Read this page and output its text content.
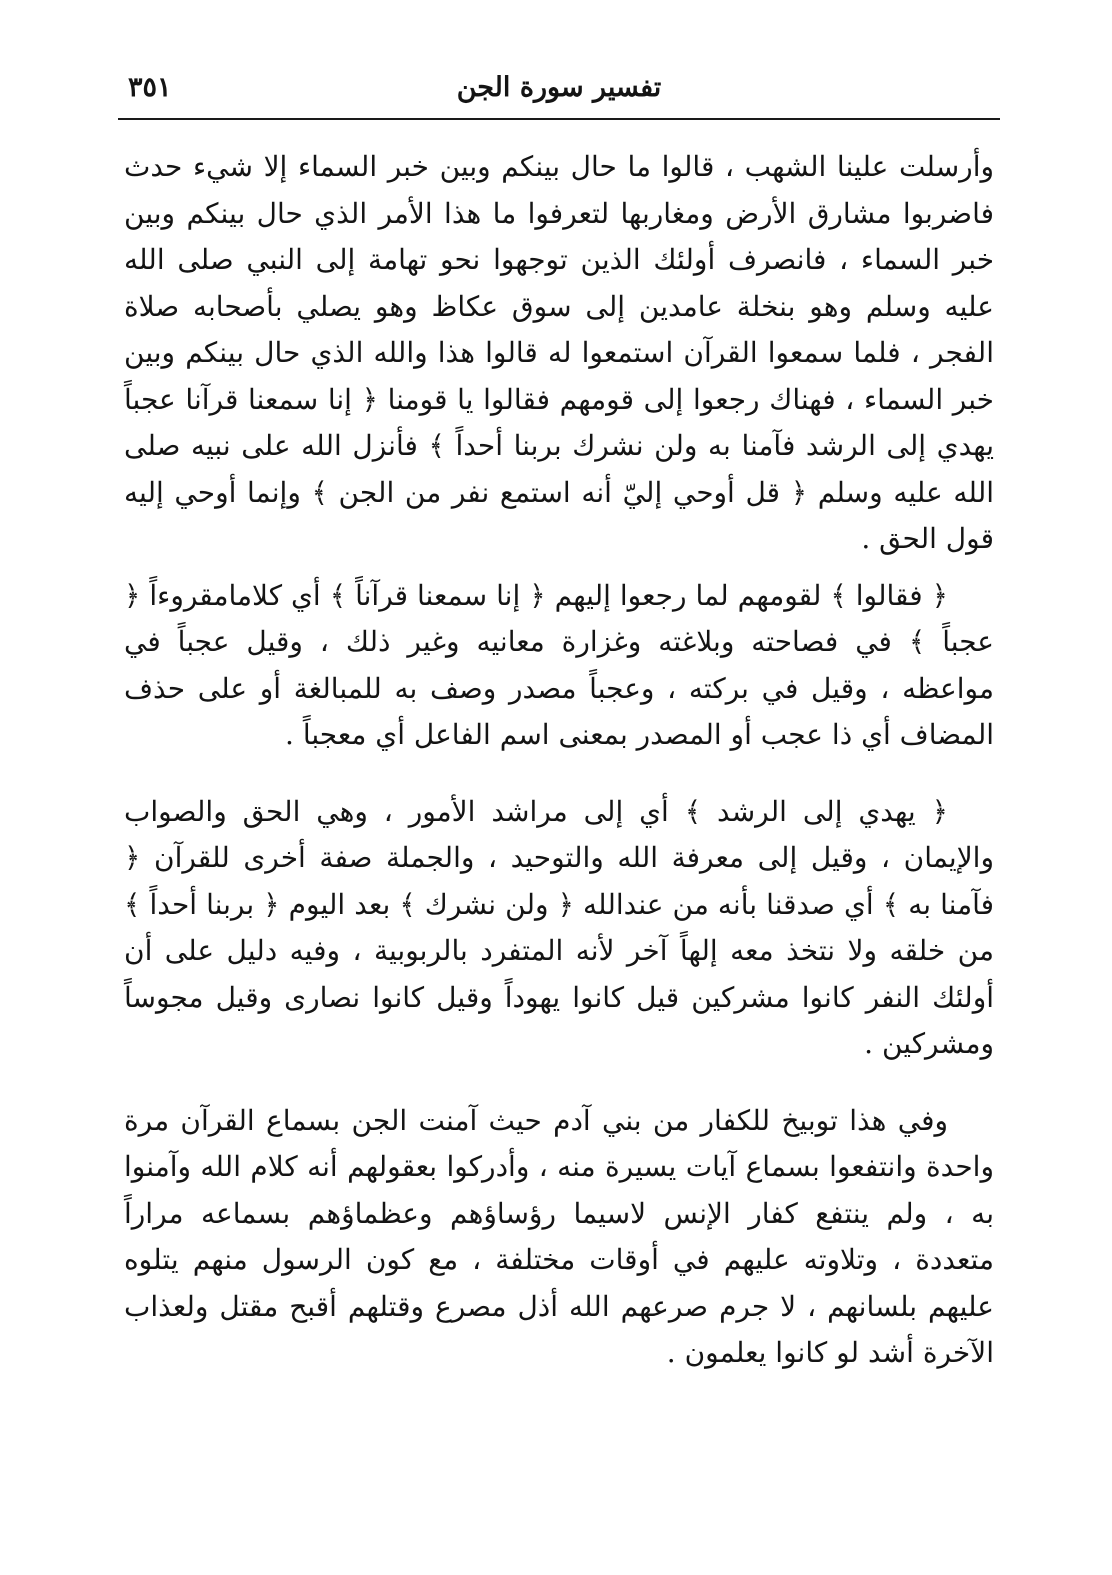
٣٥١	تفسير سورة الجن

وأرسلت علينا الشهب ، قالوا ما حال بينكم وبين خبر السماء إلا شيء حدث فاضربوا مشارق الأرض ومغاربها لتعرفوا ما هذا الأمر الذي حال بينكم وبين خبر السماء ، فانصرف أولئك الذين توجهوا نحو تهامة إلى النبي صلى الله عليه وسلم وهو بنخلة عامدين إلى سوق عكاظ وهو يصلي بأصحابه صلاة الفجر ، فلما سمعوا القرآن استمعوا له قالوا هذا والله الذي حال بينكم وبين خبر السماء ، فهناك رجعوا إلى قومهم فقالوا يا قومنا ﴿ إنا سمعنا قرآنا عجباً يهدي إلى الرشد فآمنا به ولن نشرك بربنا أحداً ﴾ فأنزل الله على نبيه صلى الله عليه وسلم ﴿ قل أوحي إليّ أنه استمع نفر من الجن ﴾ وإنما أوحي إليه قول الحق .

﴿ فقالوا ﴾ لقومهم لما رجعوا إليهم ﴿ إنا سمعنا قرآناً ﴾ أي كلامامقروءاً ﴿ عجباً ﴾ في فصاحته وبلاغته وغزارة معانيه وغير ذلك ، وقيل عجباً في مواعظه ، وقيل في بركته ، وعجباً مصدر وصف به للمبالغة أو على حذف المضاف أي ذا عجب أو المصدر بمعنى اسم الفاعل أي معجباً .

﴿ يهدي إلى الرشد ﴾ أي إلى مراشد الأمور ، وهي الحق والصواب والإيمان ، وقيل إلى معرفة الله والتوحيد ، والجملة صفة أخرى للقرآن ﴿ فآمنا به ﴾ أي صدقنا بأنه من عندالله ﴿ ولن نشرك ﴾ بعد اليوم ﴿ بربنا أحداً ﴾ من خلقه ولا نتخذ معه إلهاً آخر لأنه المتفرد بالربوبية ، وفيه دليل على أن أولئك النفر كانوا مشركين قيل كانوا يهوداً وقيل كانوا نصارى وقيل مجوساً ومشركين .

وفي هذا توبيخ للكفار من بني آدم حيث آمنت الجن بسماع القرآن مرة واحدة وانتفعوا بسماع آيات يسيرة منه ، وأدركوا بعقولهم أنه كلام الله وآمنوا به ، ولم ينتفع كفار الإنس لاسيما رؤساؤهم وعظماؤهم بسماعه مراراً متعددة ، وتلاوته عليهم في أوقات مختلفة ، مع كون الرسول منهم يتلوه عليهم بلسانهم ، لا جرم صرعهم الله أذل مصرع وقتلهم أقبح مقتل ولعذاب الآخرة أشد لو كانوا يعلمون .
